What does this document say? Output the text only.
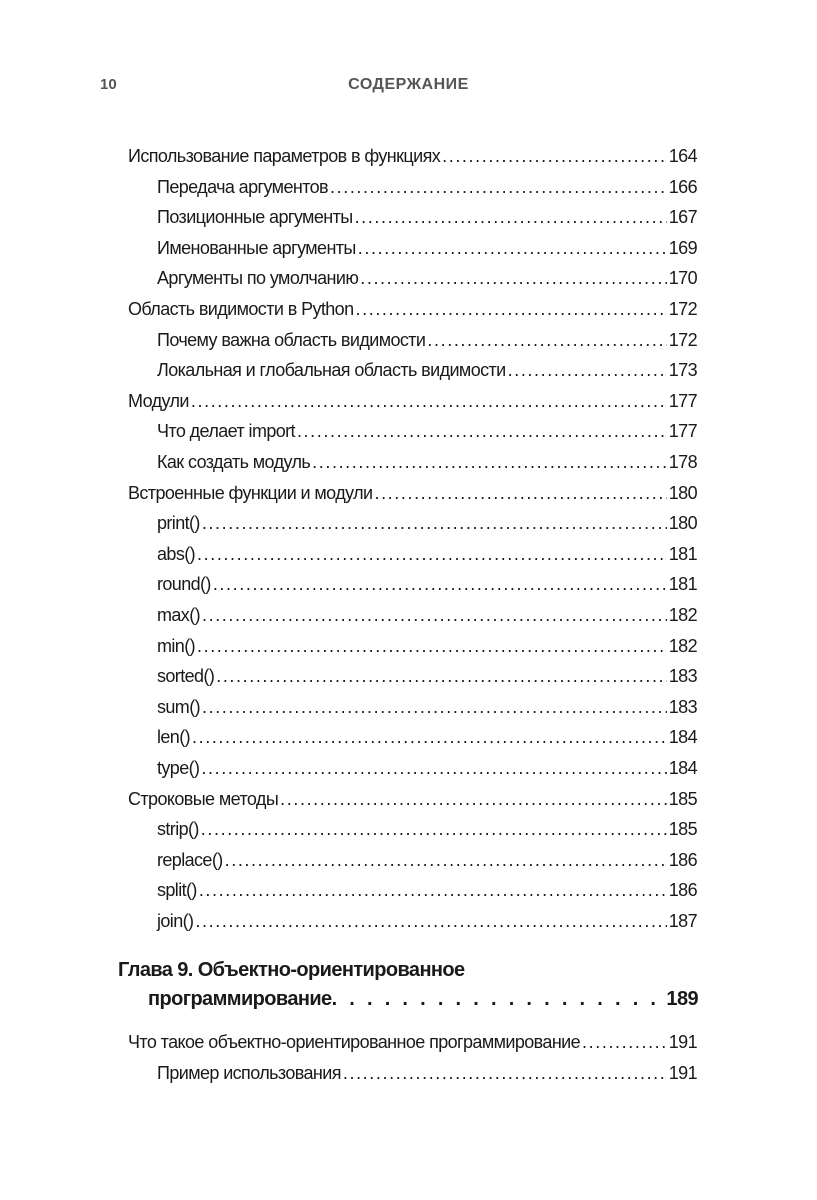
10	СОДЕРЖАНИЕ
Использование параметров в функциях . . .	164
Передача аргументов . . .	166
Позиционные аргументы . . .	167
Именованные аргументы . . .	169
Аргументы по умолчанию . . .	170
Область видимости в Python . . .	172
Почему важна область видимости . . .	172
Локальная и глобальная область видимости . . .	173
Модули . . .	177
Что делает import . . .	177
Как создать модуль . . .	178
Встроенные функции и модули . . .	180
print() . . .	180
abs() . . .	181
round() . . .	181
max() . . .	182
min() . . .	182
sorted() . . .	183
sum() . . .	183
len() . . .	184
type() . . .	184
Строковые методы . . .	185
strip() . . .	185
replace() . . .	186
split() . . .	186
join() . . .	187
Глава 9. Объектно-ориентированное
программирование . . .	189
Что такое объектно-ориентированное программирование . . .	191
Пример использования . . .	191
